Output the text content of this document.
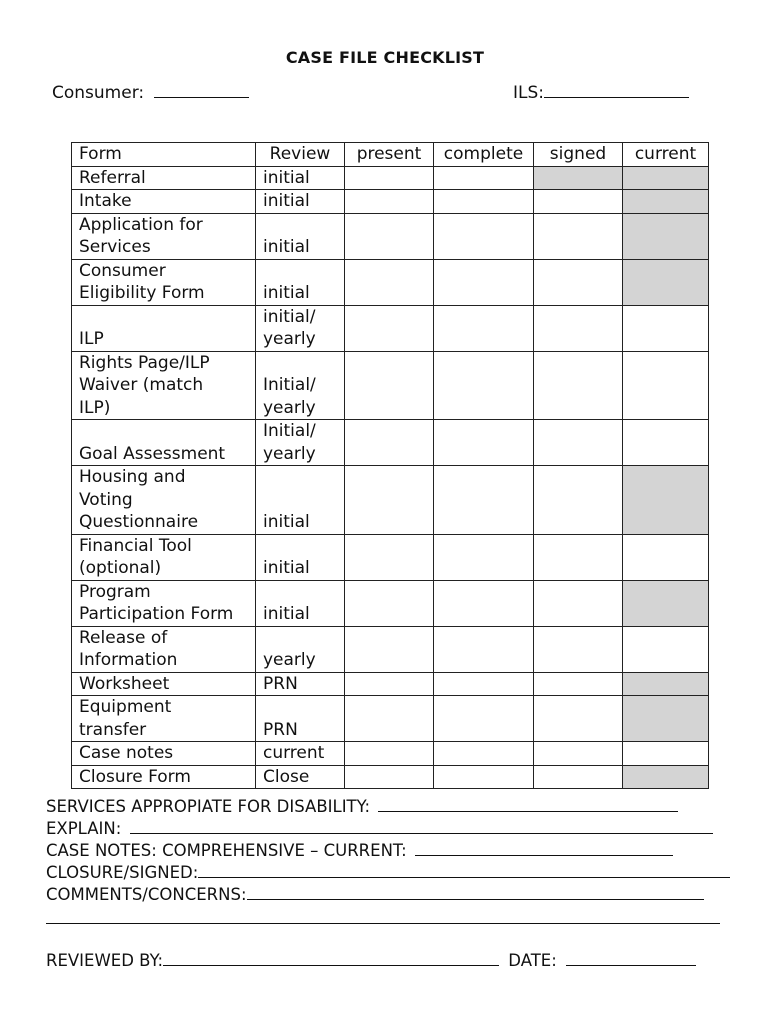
CASE FILE CHECKLIST
Consumer:	ILS:
Form	Review	present	complete	signed	current
Referral	initial				
Intake	initial				
Application for
Services	initial				
Consumer
Eligibility Form	initial				
ILP	initial/
yearly				
Rights Page/ILP
Waiver (match
ILP)	Initial/
yearly				
Goal Assessment	Initial/
yearly				
Housing and
Voting
Questionnaire	initial				
Financial Tool
(optional)	initial				
Program
Participation Form	initial				
Release of
Information	yearly				
Worksheet	PRN				
Equipment
transfer	PRN				
Case notes	current				
Closure Form	Close				
SERVICES APPROPIATE FOR DISABILITY:
EXPLAIN:
CASE NOTES: COMPREHENSIVE – CURRENT:
CLOSURE/SIGNED:
COMMENTS/CONCERNS:
REVIEWED BY:	DATE:
